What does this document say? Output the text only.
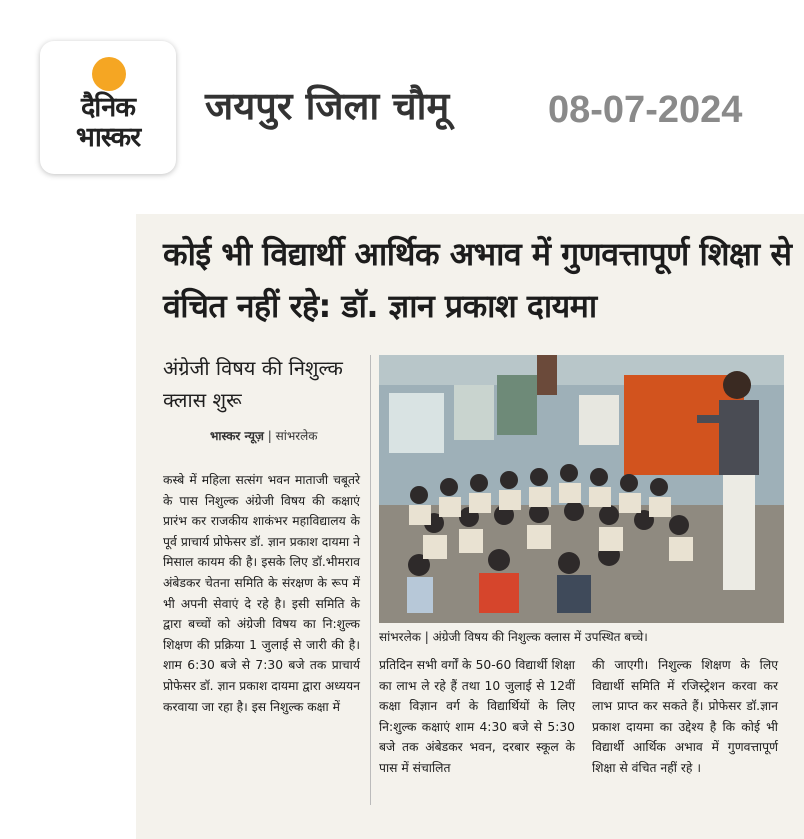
दैनिक
भास्कर
जयपुर जिला चौमू	08-07-2024
कोई भी विद्यार्थी आर्थिक अभाव में गुणवत्तापूर्ण शिक्षा से वंचित नहीं रहे: डॉ. ज्ञान प्रकाश दायमा
अंग्रेजी विषय की निशुल्क क्लास शुरू
भास्कर न्यूज़ | सांभरलेक
कस्बे में महिला सत्संग भवन माताजी चबूतरे के पास निशुल्क अंग्रेजी विषय की कक्षाएं प्रारंभ कर राजकीय शाकंभर महाविद्यालय के पूर्व प्राचार्य प्रोफेसर डॉ. ज्ञान प्रकाश दायमा ने मिसाल कायम की है। इसके लिए डॉ.भीमराव अंबेडकर चेतना समिति के संरक्षण के रूप में भी अपनी सेवाएं दे रहे है। इसी समिति के द्वारा बच्चों को अंग्रेजी विषय का नि:शुल्क शिक्षण की प्रक्रिया 1 जुलाई से जारी की है। शाम 6:30 बजे से 7:30 बजे तक प्राचार्य प्रोफेसर डॉ. ज्ञान प्रकाश दायमा द्वारा अध्ययन करवाया जा रहा है। इस निशुल्क कक्षा में
सांभरलेक | अंग्रेजी विषय की निशुल्क क्लास में उपस्थित बच्चे।
प्रतिदिन सभी वर्गों के 50-60 विद्यार्थी शिक्षा का लाभ ले रहे हैं तथा 10 जुलाई से 12वीं कक्षा विज्ञान वर्ग के विद्यार्थियों के लिए नि:शुल्क कक्षाएं शाम 4:30 बजे से 5:30 बजे तक अंबेडकर भवन, दरबार स्कूल के पास में संचालित
की जाएगी। निशुल्क शिक्षण के लिए विद्यार्थी समिति में रजिस्ट्रेशन करवा कर लाभ प्राप्त कर सकते हैं। प्रोफेसर डॉ.ज्ञान प्रकाश दायमा का उद्देश्य है कि कोई भी विद्यार्थी आर्थिक अभाव में गुणवत्तापूर्ण शिक्षा से वंचित नहीं रहे ।
